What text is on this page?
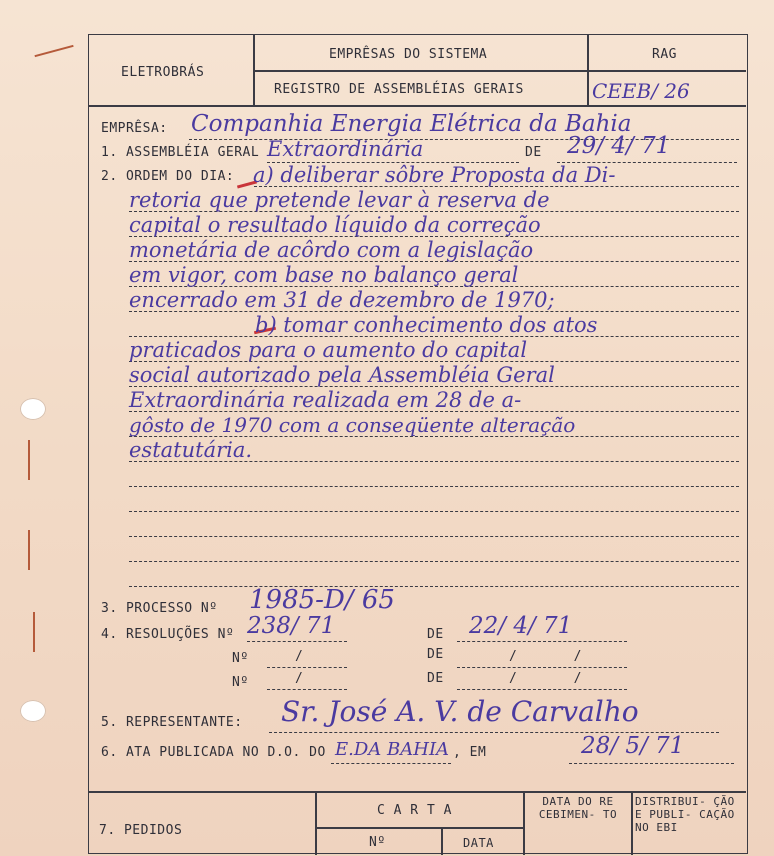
ELETROBRÁS
EMPRÊSAS DO SISTEMA
REGISTRO DE ASSEMBLÉIAS GERAIS
RAG
CEEB/ 26
EMPRÊSA: Companhia Energia Elétrica da Bahia
1. ASSEMBLÉIA GERAL Extraordinária	DE 29/ 4/ 71
2. ORDEM DO DIA: a) deliberar sôbre Proposta da Di-
retoria que pretende levar à reserva de
capital o resultado líquido da correção
monetária de acôrdo com a legislação
em vigor, com base no balanço geral
encerrado em 31 de dezembro de 1970;
b) tomar conhecimento dos atos
praticados para o aumento do capital
social autorizado pela Assembléia Geral
Extraordinária realizada em 28 de a-
gôsto de 1970 com a conseqüente alteração
estatutária.
3. PROCESSO Nº 1985-D/ 65
4. RESOLUÇÕES Nº 238/ 71	DE 22/ 4/ 71
Nº	/	DE	/ /
Nº	/	DE	/ /
5. REPRESENTANTE: Sr. José A. V. de Carvalho
6. ATA PUBLICADA NO D.O. DO E.DA BAHIA , EM	28/ 5/ 71
7. PEDIDOS
C A R T A
Nº	DATA
DATA DO RE CEBIMEN- TO
DISTRIBUI- ÇÃO E PUBLI- CAÇÃO NO EBI
